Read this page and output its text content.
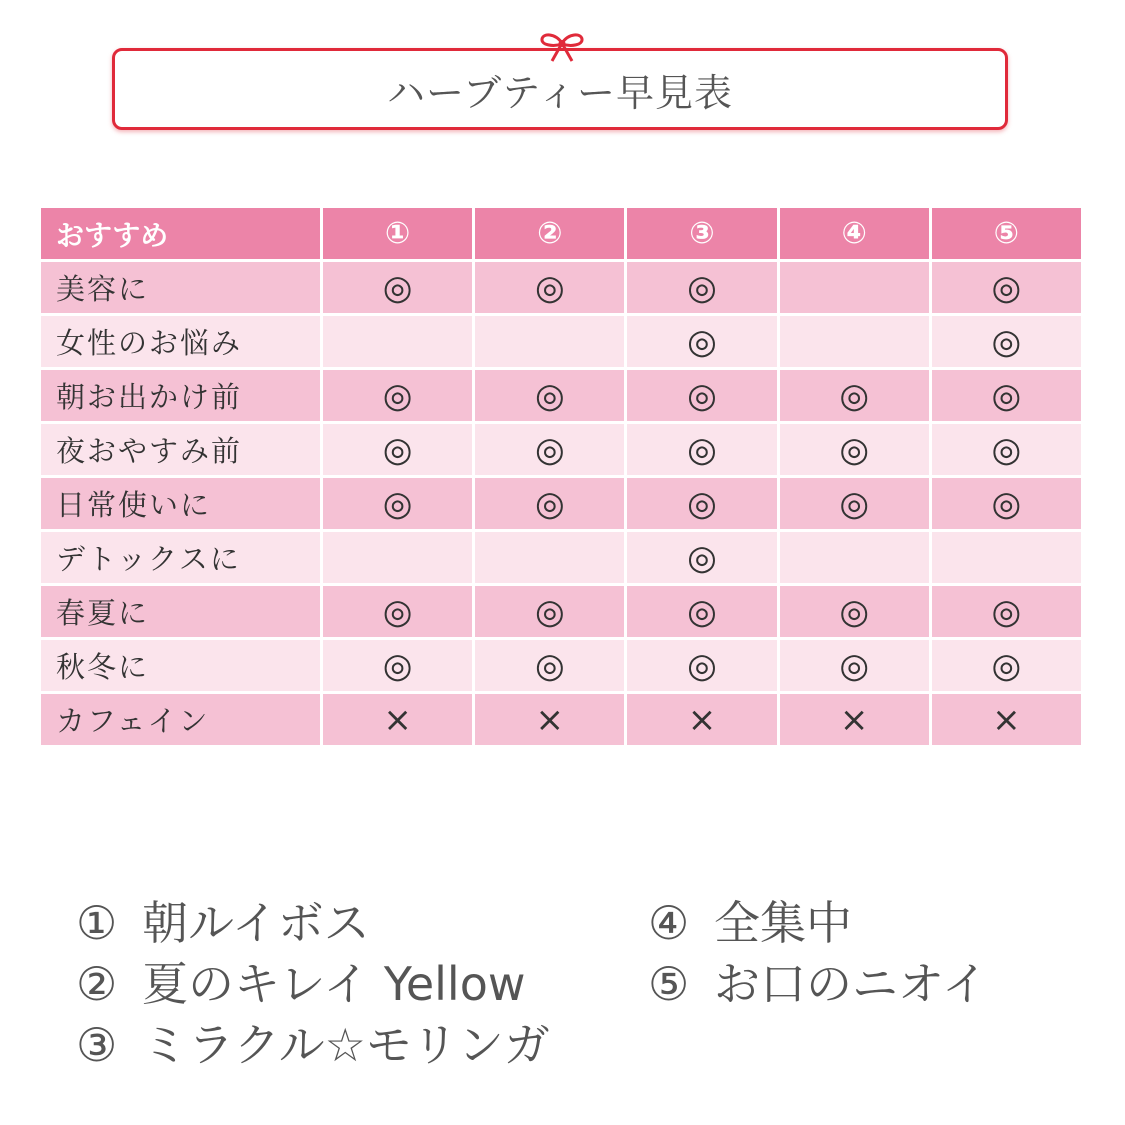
ハーブティー早見表
おすすめ	①	②	③	④	⑤
美容に	◎	◎	◎		◎
女性のお悩み			◎		◎
朝お出かけ前	◎	◎	◎	◎	◎
夜おやすみ前	◎	◎	◎	◎	◎
日常使いに	◎	◎	◎	◎	◎
デトックスに			◎		
春夏に	◎	◎	◎	◎	◎
秋冬に	◎	◎	◎	◎	◎
カフェイン	×	×	×	×	×
① 朝ルイボス
② 夏のキレイ Yellow
③ ミラクル☆モリンガ
④ 全集中
⑤ お口のニオイ
